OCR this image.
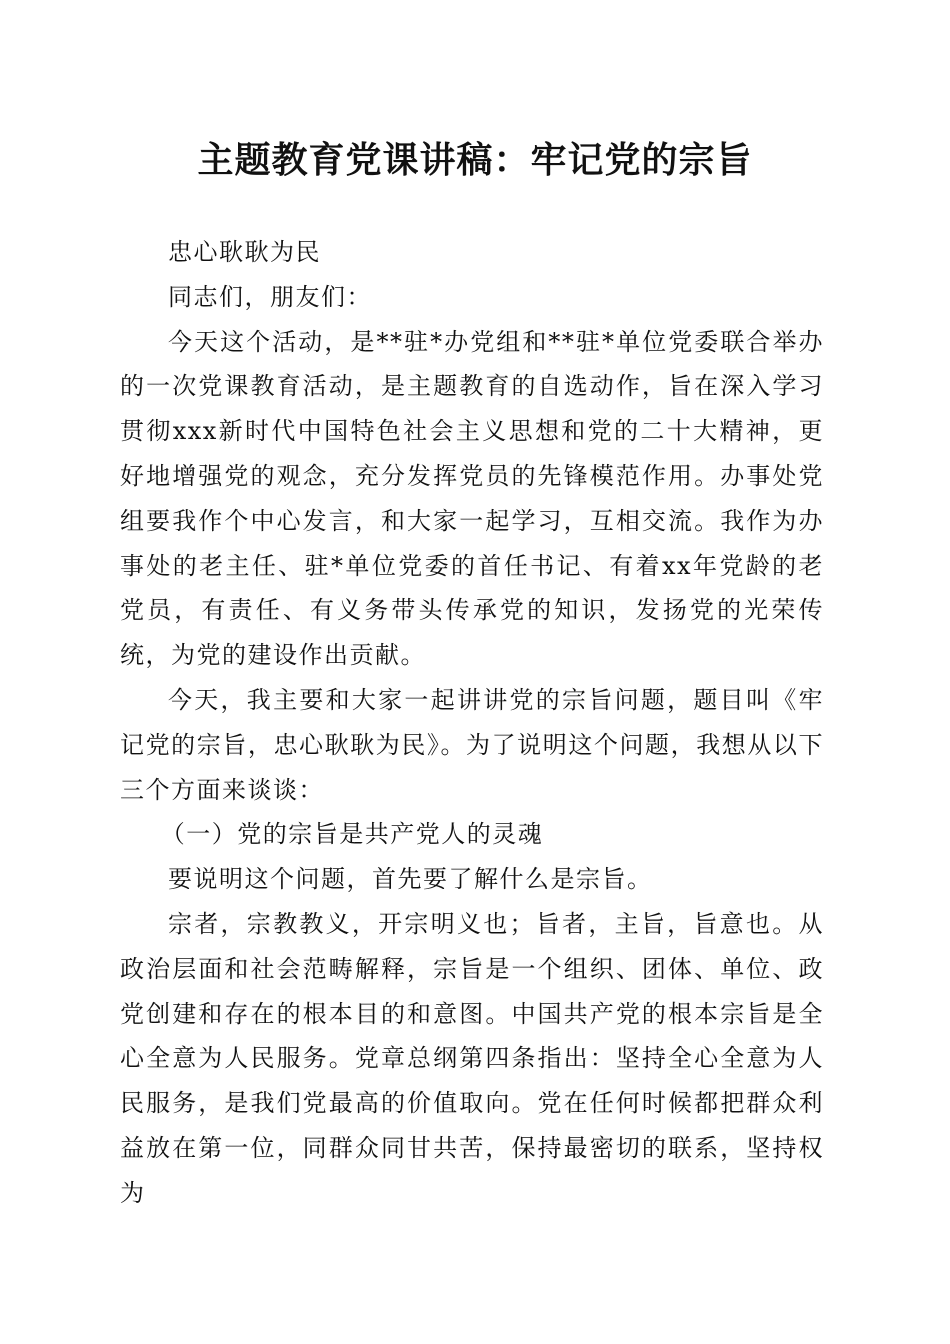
主题教育党课讲稿：牢记党的宗旨

忠心耿耿为民

同志们，朋友们：

今天这个活动，是**驻*办党组和**驻*单位党委联合举办的一次党课教育活动，是主题教育的自选动作，旨在深入学习贯彻xxx新时代中国特色社会主义思想和党的二十大精神，更好地增强党的观念，充分发挥党员的先锋模范作用。办事处党组要我作个中心发言，和大家一起学习，互相交流。我作为办事处的老主任、驻*单位党委的首任书记、有着xx年党龄的老党员，有责任、有义务带头传承党的知识，发扬党的光荣传统，为党的建设作出贡献。

今天，我主要和大家一起讲讲党的宗旨问题，题目叫《牢记党的宗旨，忠心耿耿为民》。为了说明这个问题，我想从以下三个方面来谈谈：

（一）党的宗旨是共产党人的灵魂

要说明这个问题，首先要了解什么是宗旨。

宗者，宗教教义，开宗明义也；旨者，主旨，旨意也。从政治层面和社会范畴解释，宗旨是一个组织、团体、单位、政党创建和存在的根本目的和意图。中国共产党的根本宗旨是全心全意为人民服务。党章总纲第四条指出：坚持全心全意为人民服务，是我们党最高的价值取向。党在任何时候都把群众利益放在第一位，同群众同甘共苦，保持最密切的联系，坚持权为
